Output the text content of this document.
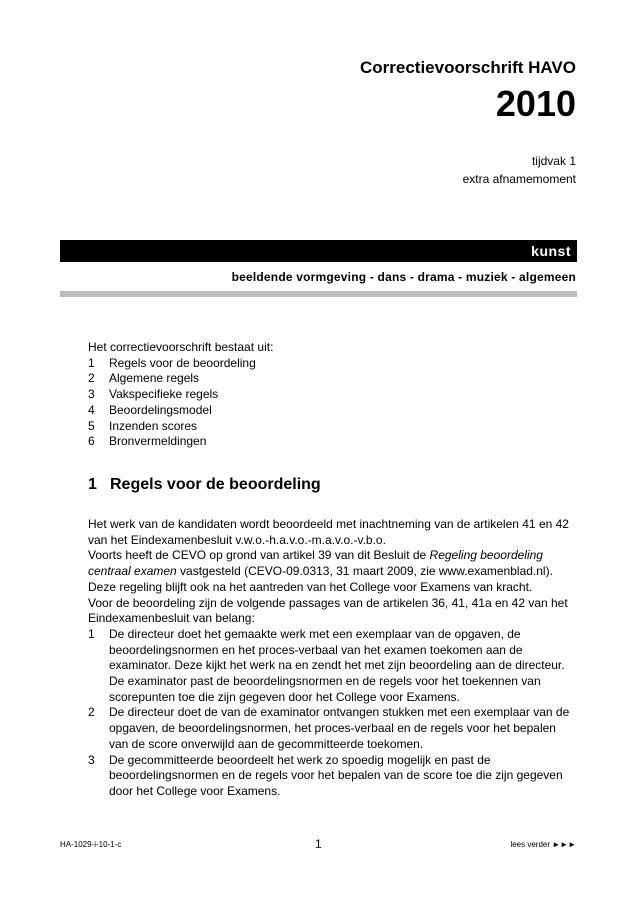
Correctievoorschrift HAVO
2010
tijdvak 1
extra afnamemoment
kunst
beeldende vormgeving - dans - drama - muziek - algemeen
Het correctievoorschrift bestaat uit:
1	Regels voor de beoordeling
2	Algemene regels
3	Vakspecifieke regels
4	Beoordelingsmodel
5	Inzenden scores
6	Bronvermeldingen
1 Regels voor de beoordeling

Het werk van de kandidaten wordt beoordeeld met inachtneming van de artikelen 41 en 42 van het Eindexamenbesluit v.w.o.-h.a.v.o.-m.a.v.o.-v.b.o.

Voorts heeft de CEVO op grond van artikel 39 van dit Besluit de Regeling beoordeling centraal examen vastgesteld (CEVO-09.0313, 31 maart 2009, zie www.examenblad.nl).

Deze regeling blijft ook na het aantreden van het College voor Examens van kracht.

Voor de beoordeling zijn de volgende passages van de artikelen 36, 41, 41a en 42 van het Eindexamenbesluit van belang:

1	De directeur doet het gemaakte werk met een exemplaar van de opgaven, de beoordelingsnormen en het proces-verbaal van het examen toekomen aan de examinator. Deze kijkt het werk na en zendt het met zijn beoordeling aan de directeur. De examinator past de beoordelingsnormen en de regels voor het toekennen van scorepunten toe die zijn gegeven door het College voor Examens.
2	De directeur doet de van de examinator ontvangen stukken met een exemplaar van de opgaven, de beoordelingsnormen, het proces-verbaal en de regels voor het bepalen van de score onverwijld aan de gecommitteerde toekomen.
3	De gecommitteerde beoordeelt het werk zo spoedig mogelijk en past de beoordelingsnormen en de regels voor het bepalen van de score toe die zijn gegeven door het College voor Examens.
HA-1029-i-10-1-c	1	lees verder ►►►
